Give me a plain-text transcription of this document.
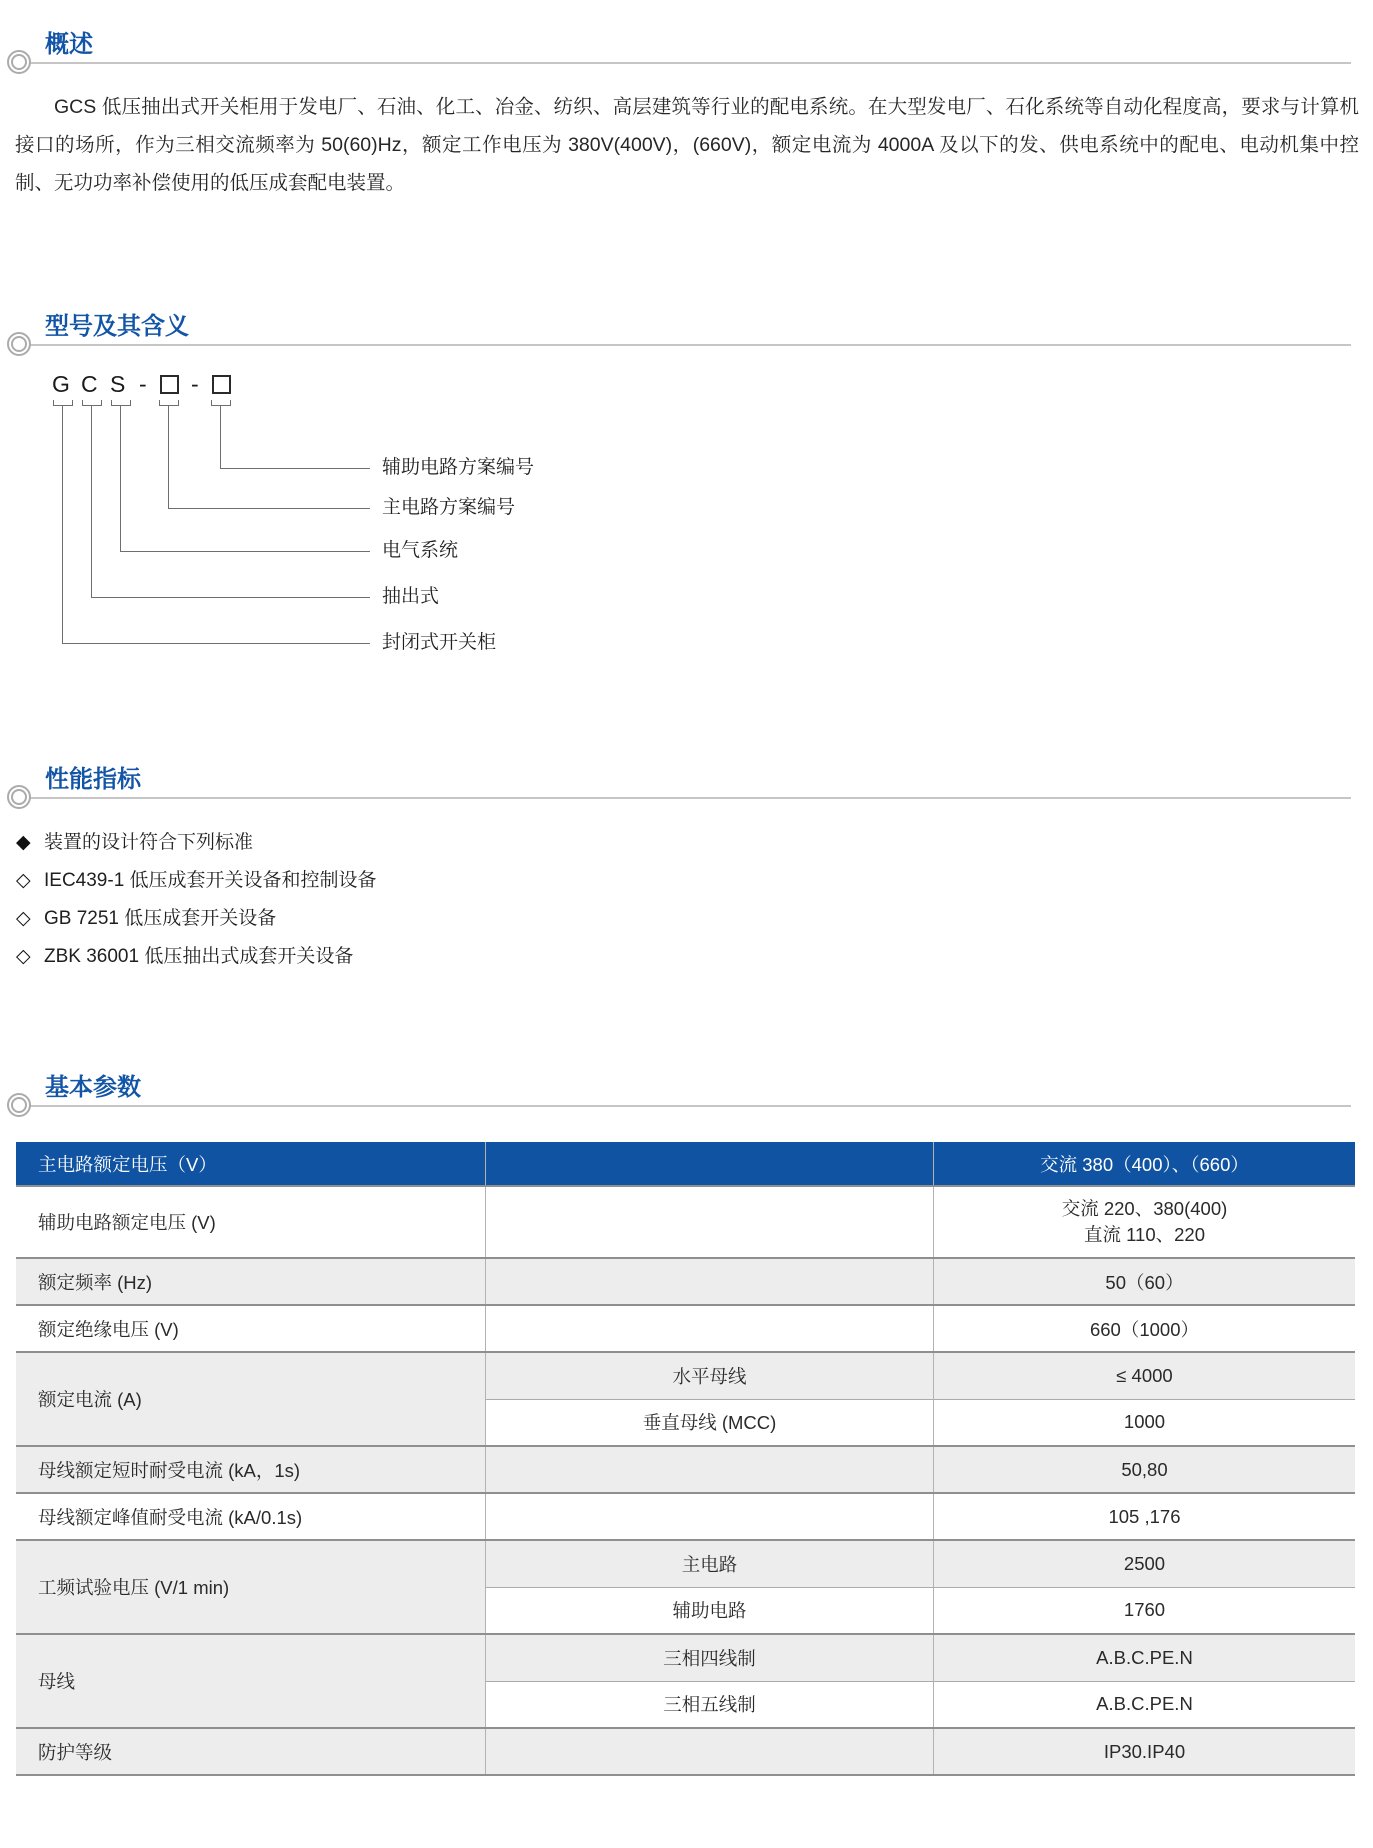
概述

GCS 低压抽出式开关柜用于发电厂、石油、化工、冶金、纺织、高层建筑等行业的配电系统。在大型发电厂、石化系统等自动化程度高，要求与计算机接口的场所，作为三相交流频率为 50(60)Hz，额定工作电压为 380V(400V)，(660V)，额定电流为 4000A 及以下的发、供电系统中的配电、电动机集中控制、无功功率补偿使用的低压成套配电装置。

型号及其含义
G C S - -
辅助电路方案编号
主电路方案编号
电气系统
抽出式
封闭式开关柜
性能指标
◆ 装置的设计符合下列标准
◇ IEC439-1 低压成套开关设备和控制设备
◇ GB 7251 低压成套开关设备
◇ ZBK 36001 低压抽出式成套开关设备
基本参数
主电路额定电压（V）		交流 380（400）、（660）
辅助电路额定电压 (V)		交流 220、380(400)
直流 110、220

额定频率 (Hz)		50（60）
额定绝缘电压 (V)		660（1000）
额定电流 (A)	水平母线	≤ 4000
	垂直母线 (MCC)	1000
母线额定短时耐受电流 (kA，1s)		50,80
母线额定峰值耐受电流 (kA/0.1s)		105 ,176
工频试验电压 (V/1 min)	主电路	2500
	辅助电路	1760
母线	三相四线制	A.B.C.PE.N
	三相五线制	A.B.C.PE.N
防护等级		IP30.IP40
